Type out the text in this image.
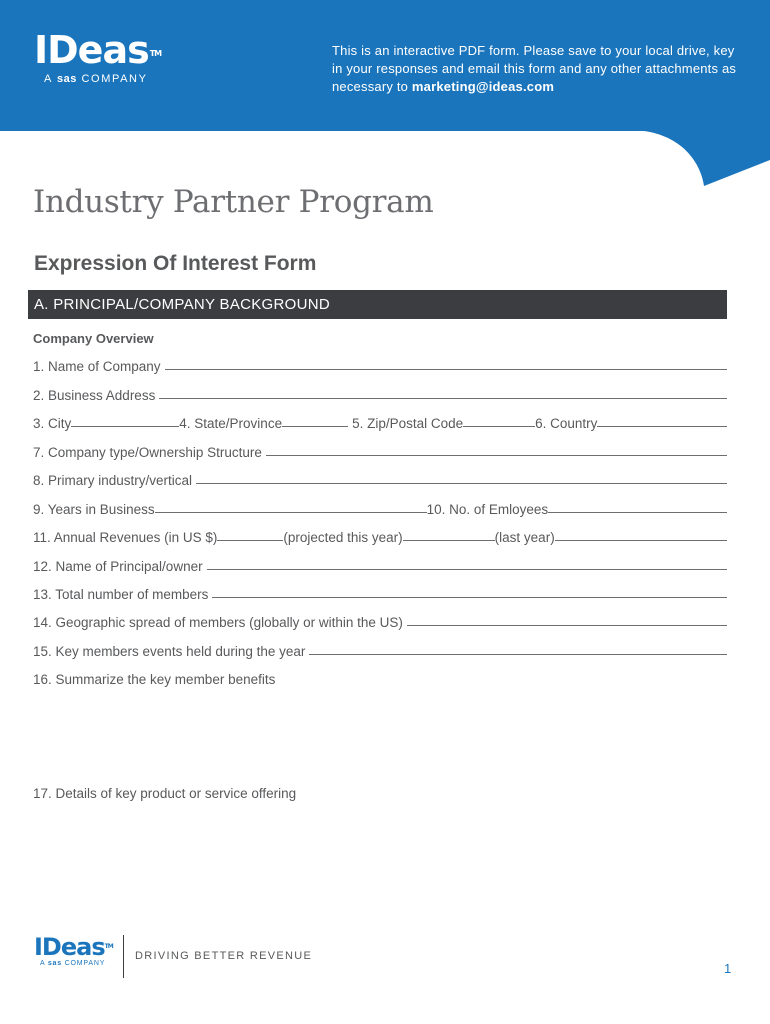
IDeas™
A sas COMPANY
This is an interactive PDF form. Please save to your local drive, key in your responses and email this form and any other attachments as necessary to marketing@ideas.com
Industry Partner Program
Expression Of Interest Form
A. PRINCIPAL/COMPANY BACKGROUND
Company Overview
1. Name of Company
2. Business Address
3. City	4. State/Province	5. Zip/Postal Code	6. Country
7. Company type/Ownership Structure
8. Primary industry/vertical
9. Years in Business	10. No. of Emloyees
11. Annual Revenues (in US $)	(projected this year)	(last year)
12. Name of Principal/owner
13. Total number of members
14. Geographic spread of members (globally or within the US)
15. Key members events held during the year
16. Summarize the key member benefits
17. Details of key product or service offering
IDeas™
A sas COMPANY
DRIVING BETTER REVENUE
1
